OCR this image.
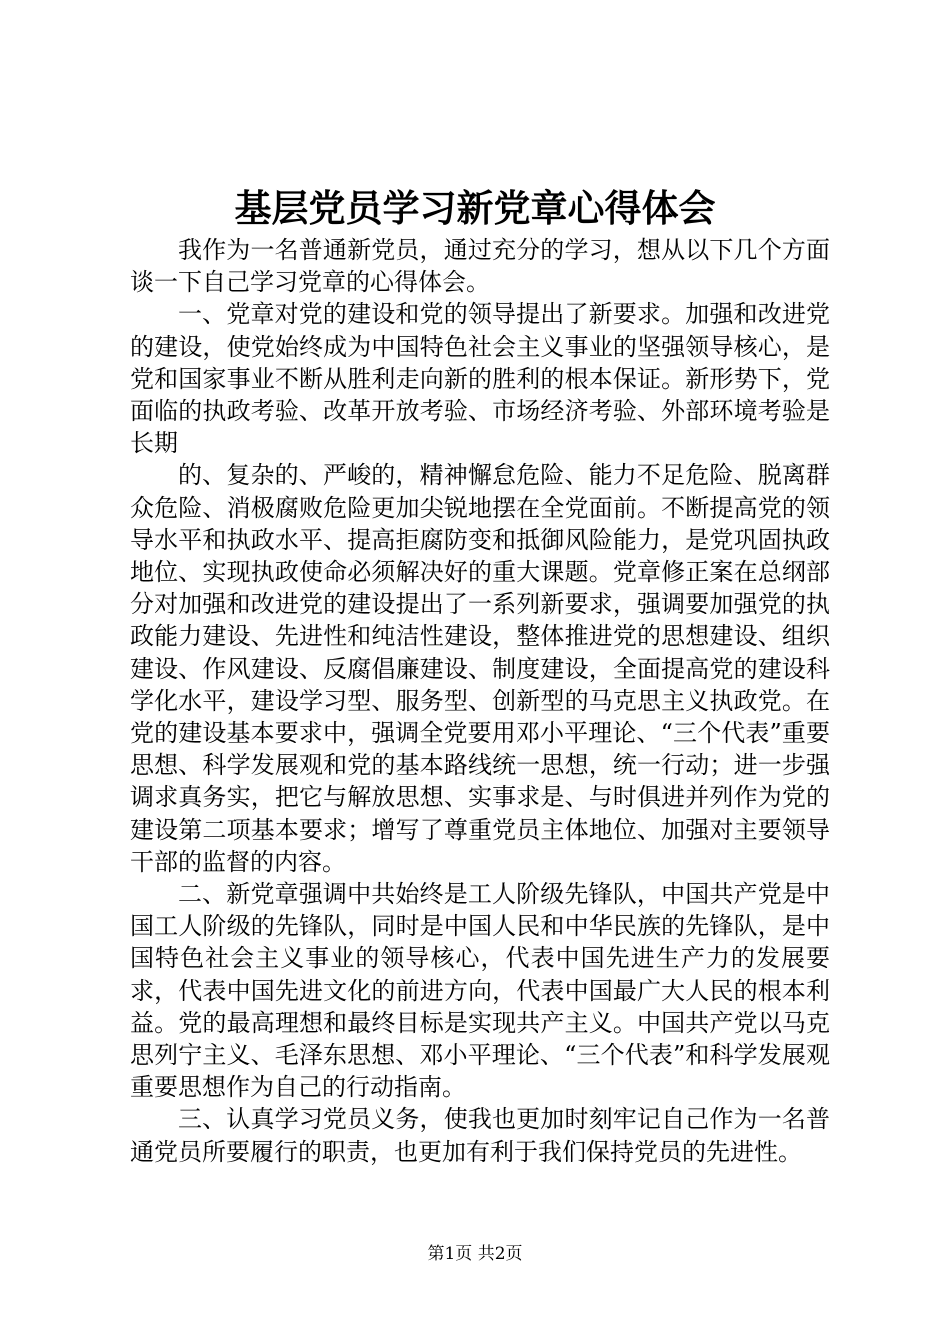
基层党员学习新党章心得体会

我作为一名普通新党员，通过充分的学习，想从以下几个方面谈一下自己学习党章的心得体会。

一、党章对党的建设和党的领导提出了新要求。加强和改进党的建设，使党始终成为中国特色社会主义事业的坚强领导核心，是党和国家事业不断从胜利走向新的胜利的根本保证。新形势下，党面临的执政考验、改革开放考验、市场经济考验、外部环境考验是长期

的、复杂的、严峻的，精神懈怠危险、能力不足危险、脱离群众危险、消极腐败危险更加尖锐地摆在全党面前。不断提高党的领导水平和执政水平、提高拒腐防变和抵御风险能力，是党巩固执政地位、实现执政使命必须解决好的重大课题。党章修正案在总纲部分对加强和改进党的建设提出了一系列新要求，强调要加强党的执政能力建设、先进性和纯洁性建设，整体推进党的思想建设、组织建设、作风建设、反腐倡廉建设、制度建设，全面提高党的建设科学化水平，建设学习型、服务型、创新型的马克思主义执政党。在党的建设基本要求中，强调全党要用邓小平理论、“三个代表”重要思想、科学发展观和党的基本路线统一思想，统一行动；进一步强调求真务实，把它与解放思想、实事求是、与时俱进并列作为党的建设第二项基本要求；增写了尊重党员主体地位、加强对主要领导干部的监督的内容。

二、新党章强调中共始终是工人阶级先锋队，中国共产党是中国工人阶级的先锋队，同时是中国人民和中华民族的先锋队，是中国特色社会主义事业的领导核心，代表中国先进生产力的发展要求，代表中国先进文化的前进方向，代表中国最广大人民的根本利益。党的最高理想和最终目标是实现共产主义。中国共产党以马克思列宁主义、毛泽东思想、邓小平理论、“三个代表”和科学发展观重要思想作为自己的行动指南。

三、认真学习党员义务，使我也更加时刻牢记自己作为一名普通党员所要履行的职责，也更加有利于我们保持党员的先进性。

第1页 共2页
